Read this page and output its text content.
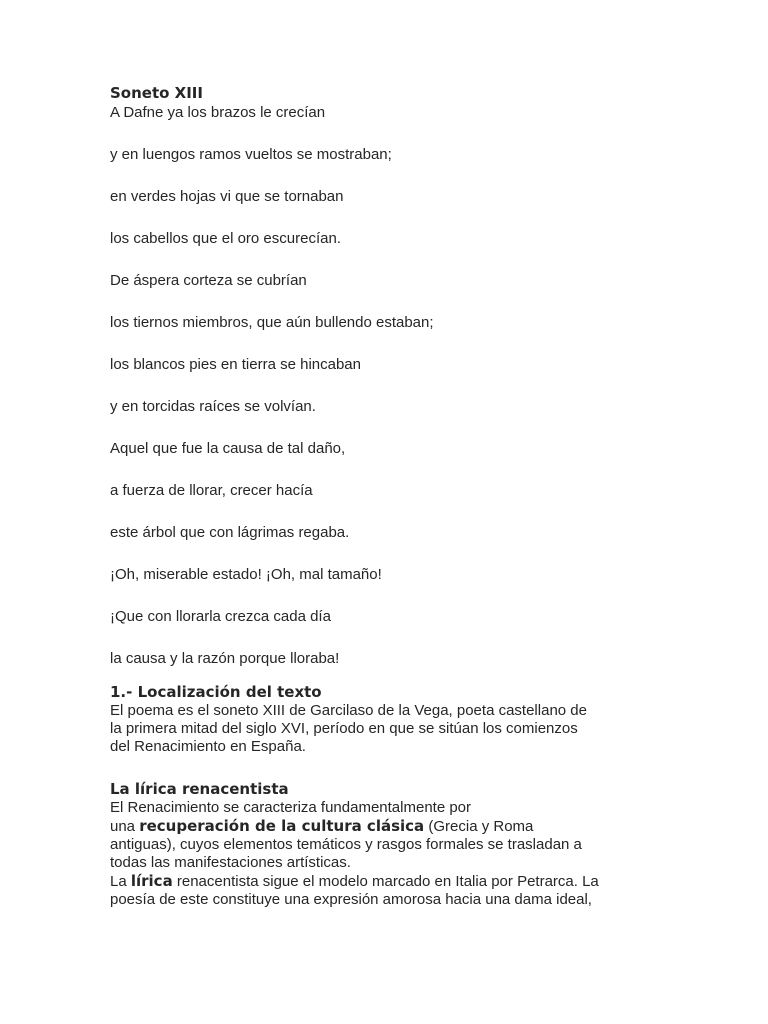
Soneto XIII

A Dafne ya los brazos le crecían

y en luengos ramos vueltos se mostraban;

en verdes hojas vi que se tornaban

los cabellos que el oro escurecían.

De áspera corteza se cubrían

los tiernos miembros, que aún bullendo estaban;

los blancos pies en tierra se hincaban

y en torcidas raíces se volvían.

Aquel que fue la causa de tal daño,

a fuerza de llorar, crecer hacía

este árbol que con lágrimas regaba.

¡Oh, miserable estado! ¡Oh, mal tamaño!

¡Que con llorarla crezca cada día

la causa y la razón porque lloraba!

1.- Localización del texto

El poema es el soneto XIII de Garcilaso de la Vega, poeta castellano de

la primera mitad del siglo XVI, período en que se sitúan los comienzos

del Renacimiento en España.

La lírica renacentista

El Renacimiento se caracteriza fundamentalmente por

una recuperación de la cultura clásica (Grecia y Roma

antiguas), cuyos elementos temáticos y rasgos formales se trasladan a

todas las manifestaciones artísticas.

La lírica renacentista sigue el modelo marcado en Italia por Petrarca. La

poesía de este constituye una expresión amorosa hacia una dama ideal,
